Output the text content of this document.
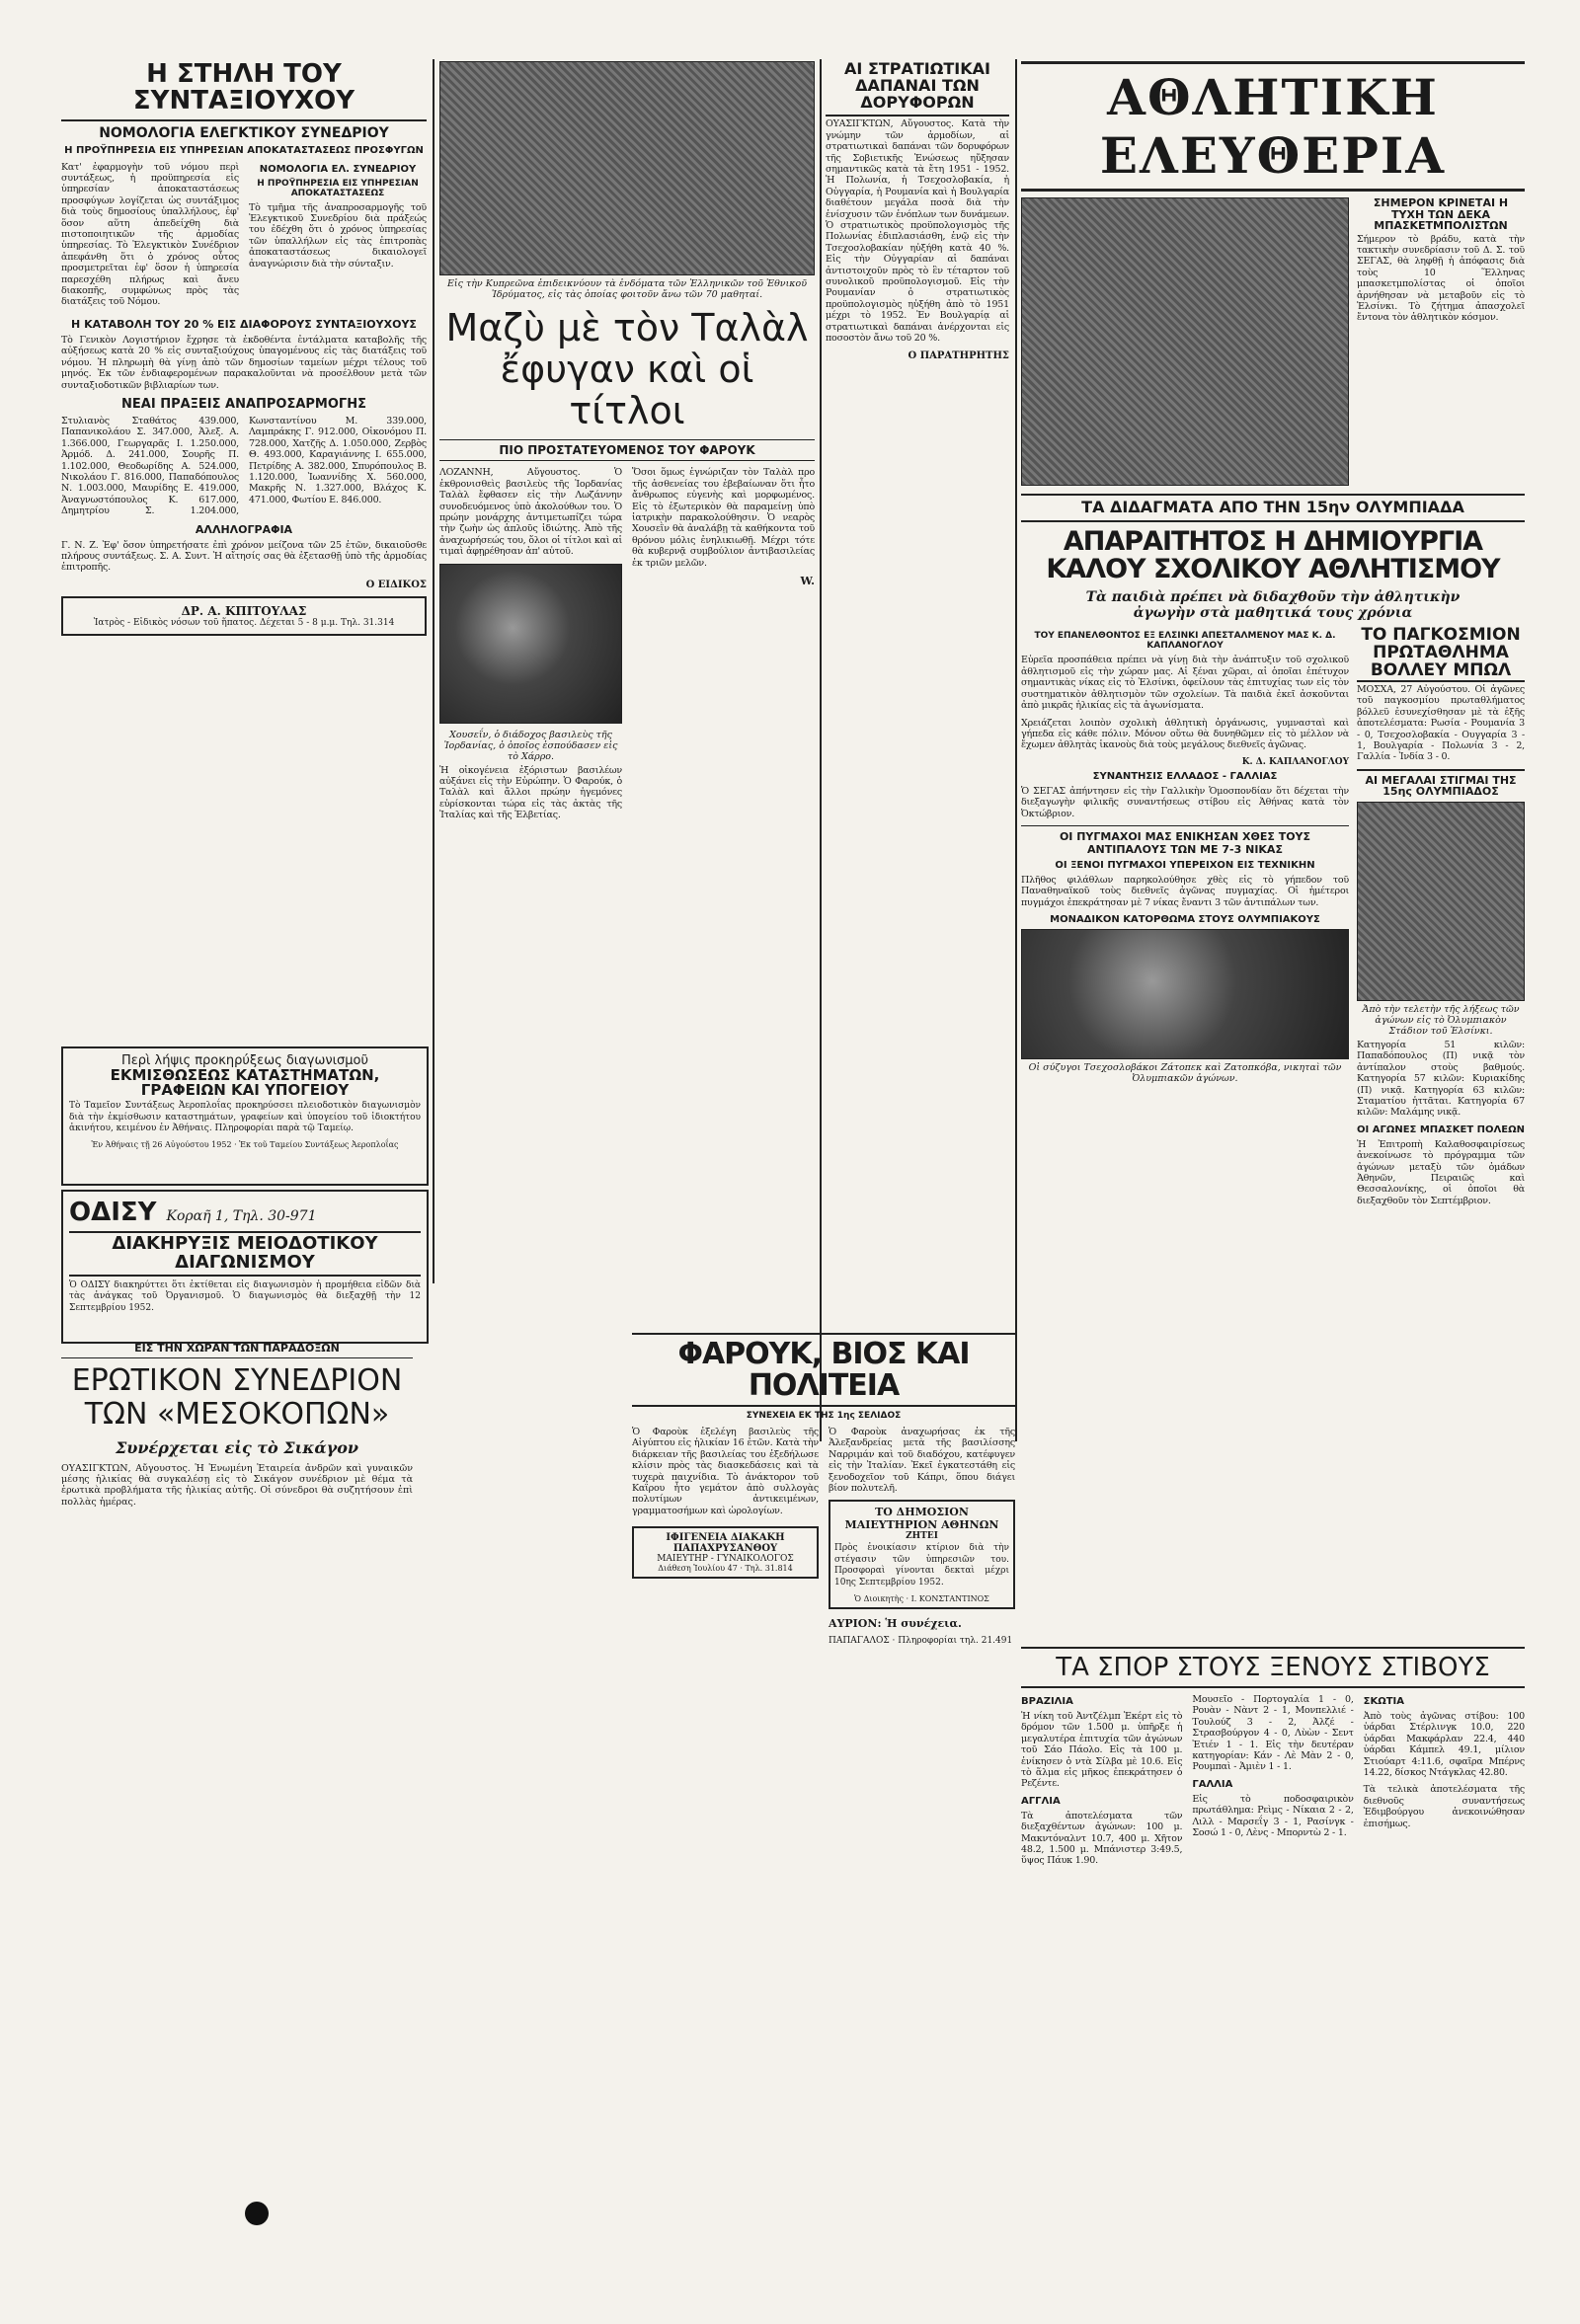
Η ΣΤΗΛΗ ΤΟΥ ΣΥΝΤΑΞΙΟΥΧΟΥ
ΝΟΜΟΛΟΓΙΑ ΕΛΕΓΚΤΙΚΟΥ ΣΥΝΕΔΡΙΟΥ
Η ΠΡΟΫΠΗΡΕΣΙΑ ΕΙΣ ΥΠΗΡΕΣΙΑΝ ΑΠΟΚΑΤΑΣΤΑΣΕΩΣ ΠΡΟΣΦΥΓΩΝ

Κατ' ἐφαρμογὴν τοῦ νόμου περὶ συντάξεως, ἡ προϋπηρεσία εἰς ὑπηρεσίαν ἀποκαταστάσεως προσφύγων λογίζεται ὡς συντάξιμος διὰ τοὺς δημοσίους ὑπαλλήλους, ἐφ' ὅσον αὕτη ἀπεδείχθη διὰ πιστοποιητικῶν τῆς ἁρμοδίας ὑπηρεσίας. Τὸ Ἐλεγκτικὸν Συνέδριον ἀπεφάνθη ὅτι ὁ χρόνος οὗτος προσμετρεῖται ἐφ' ὅσον ἡ ὑπηρεσία παρεσχέθη πλήρως καὶ ἄνευ διακοπῆς, συμφώνως πρὸς τὰς διατάξεις τοῦ Νόμου.

ΝΟΜΟΛΟΓΙΑ ΕΛ. ΣΥΝΕΔΡΙΟΥ
Η ΠΡΟΫΠΗΡΕΣΙΑ ΕΙΣ ΥΠΗΡΕΣΙΑΝ ΑΠΟΚΑΤΑΣΤΑΣΕΩΣ

Τὸ τμῆμα τῆς ἀναπροσαρμογῆς τοῦ Ἐλεγκτικοῦ Συνεδρίου διὰ πράξεώς του ἐδέχθη ὅτι ὁ χρόνος ὑπηρεσίας τῶν ὑπαλλήλων εἰς τὰς ἐπιτροπὰς ἀποκαταστάσεως δικαιολογεῖ ἀναγνώρισιν διὰ τὴν σύνταξιν.

Η ΚΑΤΑΒΟΛΗ ΤΟΥ 20 % ΕΙΣ ΔΙΑΦΟΡΟΥΣ ΣΥΝΤΑΞΙΟΥΧΟΥΣ

Τὸ Γενικὸν Λογιστήριον ἔχρησε τὰ ἐκδοθέντα ἐντάλματα καταβολῆς τῆς αὐξήσεως κατὰ 20 % εἰς συνταξιούχους ὑπαγομένους εἰς τὰς διατάξεις τοῦ νόμου. Ἡ πληρωμὴ θὰ γίνῃ ἀπὸ τῶν δημοσίων ταμείων μέχρι τέλους τοῦ μηνός. Ἐκ τῶν ἐνδιαφερομένων παρακαλοῦνται νὰ προσέλθουν μετὰ τῶν συνταξιοδοτικῶν βιβλιαρίων των.

ΝΕΑΙ ΠΡΑΞΕΙΣ ΑΝΑΠΡΟΣΑΡΜΟΓΗΣ

Στυλιανὸς Σταθάτος 439.000, Παπανικολάου Σ. 347.000, Ἀλεξ. Α. 1.366.000, Γεωργαρᾶς Ι. 1.250.000, Ἀρμόδ. Δ. 241.000, Σουρῆς Π. 1.102.000, Θεοδωρίδης Α. 524.000, Νικολάου Γ. 816.000, Παπαδόπουλος Ν. 1.003.000, Μαυρίδης Ε. 419.000, Ἀναγνωστόπουλος Κ. 617.000, Δημητρίου Σ. 1.204.000, Κωνσταντίνου Μ. 339.000, Λαμπράκης Γ. 912.000, Οἰκονόμου Π. 728.000, Χατζῆς Δ. 1.050.000, Ζερβὸς Θ. 493.000, Καραγιάννης Ι. 655.000, Πετρίδης Α. 382.000, Σπυρόπουλος Β. 1.120.000, Ἰωαννίδης Χ. 560.000, Μακρῆς Ν. 1.327.000, Βλάχος Κ. 471.000, Φωτίου Ε. 846.000.

ΑΛΛΗΛΟΓΡΑΦΙΑ

Γ. Ν. Ζ. Ἐφ' ὅσον ὑπηρετήσατε ἐπὶ χρόνον μείζονα τῶν 25 ἐτῶν, δικαιοῦσθε πλήρους συντάξεως. Σ. Α. Συντ. Ἡ αἴτησίς σας θὰ ἐξετασθῇ ὑπὸ τῆς ἁρμοδίας ἐπιτροπῆς.

Ο ΕΙΔΙΚΟΣ
ΔΡ. Α. ΚΠΙΤΟΥΛΑΣ
Ἰατρὸς - Εἰδικὸς νόσων τοῦ ἥπατος. Δέχεται 5 - 8 μ.μ. Τηλ. 31.314
Περὶ λήψις προκηρύξεως διαγωνισμοῦ
ΕΚΜΙΣΘΩΣΕΩΣ ΚΑΤΑΣΤΗΜΑΤΩΝ, ΓΡΑΦΕΙΩΝ ΚΑΙ ΥΠΟΓΕΙΟΥ

Τὸ Ταμεῖον Συντάξεως Ἀεροπλοΐας προκηρύσσει πλειοδοτικὸν διαγωνισμὸν διὰ τὴν ἐκμίσθωσιν καταστημάτων, γραφείων καὶ ὑπογείου τοῦ ἰδιοκτήτου ἀκινήτου, κειμένου ἐν Ἀθήναις. Πληροφορίαι παρὰ τῷ Ταμείῳ.

Ἐν Ἀθήναις τῇ 26 Αὐγούστου 1952 · Ἐκ τοῦ Ταμείου Συντάξεως Ἀεροπλοΐας
ΟΔΙΣΥ Κοραῆ 1, Τηλ. 30-971
ΔΙΑΚΗΡΥΞΙΣ ΜΕΙΟΔΟΤΙΚΟΥ ΔΙΑΓΩΝΙΣΜΟΥ

Ὁ ΟΔΙΣΥ διακηρύττει ὅτι ἐκτίθεται εἰς διαγωνισμὸν ἡ προμήθεια εἰδῶν διὰ τὰς ἀνάγκας τοῦ Ὀργανισμοῦ. Ὁ διαγωνισμὸς θὰ διεξαχθῇ τὴν 12 Σεπτεμβρίου 1952.

ΕΙΣ ΤΗΝ ΧΩΡΑΝ ΤΩΝ ΠΑΡΑΔΟΞΩΝ
ΕΡΩΤΙΚΟΝ ΣΥΝΕΔΡΙΟΝ ΤΩΝ «ΜΕΣΟΚΟΠΩΝ»
Συνέρχεται εἰς τὸ Σικάγον

ΟΥΑΣΙΓΚΤΩΝ, Αὔγουστος. Ἡ Ἑνωμένη Ἐταιρεία ἀνδρῶν καὶ γυναικῶν μέσης ἡλικίας θὰ συγκαλέσῃ εἰς τὸ Σικάγον συνέδριον μὲ θέμα τὰ ἐρωτικὰ προβλήματα τῆς ἡλικίας αὐτῆς. Οἱ σύνεδροι θὰ συζητήσουν ἐπὶ πολλὰς ἡμέρας.

Εἰς τὴν Κυπρεῶνα ἐπιδεικνύουν τὰ ἐνδόματα τῶν Ἑλληνικῶν τοῦ Ἐθνικοῦ Ἰδρύματος, εἰς τὰς ὁποίας φοιτοῦν ἄνω τῶν 70 μαθηταί.
Μαζὺ μὲ τὸν Ταλὰλ ἔφυγαν καὶ οἱ τίτλοι
ΠΙΟ ΠΡΟΣΤΑΤΕΥΟΜΕΝΟΣ ΤΟΥ ΦΑΡΟΥΚ

ΛΟΖΑΝΝΗ, Αὔγουστος. Ὁ ἐκθρονισθεὶς βασιλεὺς τῆς Ἰορδανίας Ταλὰλ ἔφθασεν εἰς τὴν Λωζάννην συνοδευόμενος ὑπὸ ἀκολούθων του. Ὁ πρώην μονάρχης ἀντιμετωπίζει τώρα τὴν ζωὴν ὡς ἁπλοῦς ἰδιώτης. Ἀπὸ τῆς ἀναχωρήσεώς του, ὅλοι οἱ τίτλοι καὶ αἱ τιμαὶ ἀφῃρέθησαν ἀπ' αὐτοῦ.

Χουσεΐν, ὁ διάδοχος βασιλεὺς τῆς Ἰορδανίας, ὁ ὁποῖος ἐσπούδασεν εἰς τὸ Χάρρο.

Ἡ οἰκογένεια ἐξόριστων βασιλέων αὐξάνει εἰς τὴν Εὐρώπην. Ὁ Φαρούκ, ὁ Ταλὰλ καὶ ἄλλοι πρώην ἡγεμόνες εὑρίσκονται τώρα εἰς τὰς ἀκτὰς τῆς Ἰταλίας καὶ τῆς Ἑλβετίας.

Ὅσοι ὅμως ἐγνώριζαν τὸν Ταλὰλ προ τῆς ἀσθενείας του ἐβεβαίωναν ὅτι ἦτο ἄνθρωπος εὐγενὴς καὶ μορφωμένος. Εἰς τὸ ἐξωτερικὸν θὰ παραμείνῃ ὑπὸ ἰατρικὴν παρακολούθησιν. Ὁ νεαρὸς Χουσεῒν θὰ ἀναλάβῃ τὰ καθήκοντα τοῦ θρόνου μόλις ἐνηλικιωθῇ. Μέχρι τότε θὰ κυβερνᾷ συμβούλιον ἀντιβασιλείας ἐκ τριῶν μελῶν.

W.
ΑΙ ΣΤΡΑΤΙΩΤΙΚΑΙ ΔΑΠΑΝΑΙ ΤΩΝ ΔΟΡΥΦΟΡΩΝ

ΟΥΑΣΙΓΚΤΩΝ, Αὔγουστος. Κατὰ τὴν γνώμην τῶν ἁρμοδίων, αἱ στρατιωτικαὶ δαπάναι τῶν δορυφόρων τῆς Σοβιετικῆς Ἑνώσεως ηὔξησαν σημαντικῶς κατὰ τὰ ἔτη 1951 - 1952. Ἡ Πολωνία, ἡ Τσεχοσλοβακία, ἡ Οὐγγαρία, ἡ Ρουμανία καὶ ἡ Βουλγαρία διαθέτουν μεγάλα ποσὰ διὰ τὴν ἐνίσχυσιν τῶν ἐνόπλων των δυνάμεων. Ὁ στρατιωτικὸς προϋπολογισμὸς τῆς Πολωνίας ἐδιπλασιάσθη, ἐνῷ εἰς τὴν Τσεχοσλοβακίαν ηὐξήθη κατὰ 40 %. Εἰς τὴν Οὐγγαρίαν αἱ δαπάναι ἀντιστοιχοῦν πρὸς τὸ ἓν τέταρτον τοῦ συνολικοῦ προϋπολογισμοῦ. Εἰς τὴν Ρουμανίαν ὁ στρατιωτικὸς προϋπολογισμὸς ηὐξήθη ἀπὸ τὸ 1951 μέχρι τὸ 1952. Ἐν Βουλγαρίᾳ αἱ στρατιωτικαὶ δαπάναι ἀνέρχονται εἰς ποσοστὸν ἄνω τοῦ 20 %.

Ο ΠΑΡΑΤΗΡΗΤΗΣ
ΦΑΡΟΥΚ, ΒΙΟΣ ΚΑΙ ΠΟΛΙΤΕΙΑ
ΣΥΝΕΧΕΙΑ ΕΚ ΤΗΣ 1ης ΣΕΛΙΔΟΣ

Ὁ Φαροὺκ ἐξελέγη βασιλεὺς τῆς Αἰγύπτου εἰς ἡλικίαν 16 ἐτῶν. Κατὰ τὴν διάρκειαν τῆς βασιλείας του ἐξεδήλωσε κλίσιν πρὸς τὰς διασκεδάσεις καὶ τὰ τυχερὰ παιχνίδια. Τὸ ἀνάκτορον τοῦ Καΐρου ἦτο γεμάτον ἀπὸ συλλογὰς πολυτίμων ἀντικειμένων, γραμματοσήμων καὶ ὡρολογίων.

ΙΦΙΓΕΝΕΙΑ ΔΙΑΚΑΚΗ ΠΑΠΑΧΡΥΣΑΝΘΟΥ
ΜΑΙΕΥΤΗΡ - ΓΥΝΑΙΚΟΛΟΓΟΣ
Διάθεση Ἰουλίου 47 · Τηλ. 31.814

Ὁ Φαροὺκ ἀναχωρήσας ἐκ τῆς Ἀλεξανδρείας μετὰ τῆς βασιλίσσης Ναρριμάν καὶ τοῦ διαδόχου, κατέφυγεν εἰς τὴν Ἰταλίαν. Ἐκεῖ ἐγκατεστάθη εἰς ξενοδοχεῖον τοῦ Κάπρι, ὅπου διάγει βίον πολυτελῆ.

ΤΟ ΔΗΜΟΣΙΟΝ ΜΑΙΕΥΤΗΡΙΟΝ ΑΘΗΝΩΝ
ΖΗΤΕΙ

Πρὸς ἐνοικίασιν κτίριον διὰ τὴν στέγασιν τῶν ὑπηρεσιῶν του. Προσφοραὶ γίνονται δεκταὶ μέχρι 10ης Σεπτεμβρίου 1952.

Ὁ Διοικητὴς · Ι. ΚΟΝΣΤΑΝΤΙΝΟΣ
ΑΥΡΙΟΝ: Ἡ συνέχεια.
ΠΑΠΑΓΑΛΟΣ · Πληροφορίαι τηλ. 21.491
ΑΘΛΗΤΙΚΗ ΕΛΕΥΘΕΡΙΑ
ΣΗΜΕΡΟΝ ΚΡΙΝΕΤΑΙ Η ΤΥΧΗ ΤΩΝ ΔΕΚΑ ΜΠΑΣΚΕΤΜΠΟΛΙΣΤΩΝ

Σήμερον τὸ βράδυ, κατὰ τὴν τακτικὴν συνεδρίασιν τοῦ Δ. Σ. τοῦ ΣΕΓΑΣ, θὰ ληφθῇ ἡ ἀπόφασις διὰ τοὺς 10 Ἕλληνας μπασκετμπολίστας οἱ ὁποῖοι ἀρνήθησαν νὰ μεταβοῦν εἰς τὸ Ἑλσίνκι. Τὸ ζήτημα ἀπασχολεῖ ἔντονα τὸν ἀθλητικὸν κόσμον.

ΤΑ ΔΙΔΑΓΜΑΤΑ ΑΠΟ ΤΗΝ 15ην ΟΛΥΜΠΙΑΔΑ
ΑΠΑΡΑΙΤΗΤΟΣ Η ΔΗΜΙΟΥΡΓΙΑ ΚΑΛΟΥ ΣΧΟΛΙΚΟΥ ΑΘΛΗΤΙΣΜΟΥ
Τὰ παιδιὰ πρέπει νὰ διδαχθοῦν τὴν ἀθλητικὴν ἀγωγὴν στὰ μαθητικά τους χρόνια
ΤΟΥ ΕΠΑΝΕΛΘΟΝΤΟΣ ΕΞ ΕΛΣΙΝΚΙ ΑΠΕΣΤΑΛΜΕΝΟΥ ΜΑΣ Κ. Δ. ΚΑΠΛΑΝΟΓΛΟΥ

Εὐρεῖα προσπάθεια πρέπει νὰ γίνῃ διὰ τὴν ἀνάπτυξιν τοῦ σχολικοῦ ἀθλητισμοῦ εἰς τὴν χώραν μας. Αἱ ξέναι χῶραι, αἱ ὁποῖαι ἐπέτυχον σημαντικὰς νίκας εἰς τὸ Ἑλσίνκι, ὀφείλουν τὰς ἐπιτυχίας των εἰς τὸν συστηματικὸν ἀθλητισμὸν τῶν σχολείων. Τὰ παιδιὰ ἐκεῖ ἀσκοῦνται ἀπὸ μικρᾶς ἡλικίας εἰς τὰ ἀγωνίσματα.

Χρειάζεται λοιπὸν σχολικὴ ἀθλητικὴ ὀργάνωσις, γυμνασταὶ καὶ γήπεδα εἰς κάθε πόλιν. Μόνον οὕτω θὰ δυνηθῶμεν εἰς τὸ μέλλον νὰ ἔχωμεν ἀθλητὰς ἱκανοὺς διὰ τοὺς μεγάλους διεθνεῖς ἀγῶνας.

Κ. Δ. ΚΑΠΛΑΝΟΓΛΟΥ
ΣΥΝΑΝΤΗΣΙΣ ΕΛΛΑΔΟΣ - ΓΑΛΛΙΑΣ

Ὁ ΣΕΓΑΣ ἀπήντησεν εἰς τὴν Γαλλικὴν Ὁμοσπονδίαν ὅτι δέχεται τὴν διεξαγωγὴν φιλικῆς συναντήσεως στίβου εἰς Ἀθήνας κατὰ τὸν Ὀκτώβριον.

ΟΙ ΠΥΓΜΑΧΟΙ ΜΑΣ ΕΝΙΚΗΣΑΝ ΧΘΕΣ ΤΟΥΣ ΑΝΤΙΠΑΛΟΥΣ ΤΩΝ ΜΕ 7-3 ΝΙΚΑΣ
ΟΙ ΞΕΝΟΙ ΠΥΓΜΑΧΟΙ ΥΠΕΡΕΙΧΟΝ ΕΙΣ ΤΕΧΝΙΚΗΝ

Πλῆθος φιλάθλων παρηκολούθησε χθὲς εἰς τὸ γήπεδον τοῦ Παναθηναϊκοῦ τοὺς διεθνεῖς ἀγῶνας πυγμαχίας. Οἱ ἡμέτεροι πυγμάχοι ἐπεκράτησαν μὲ 7 νίκας ἔναντι 3 τῶν ἀντιπάλων των.

ΜΟΝΑΔΙΚΟΝ ΚΑΤΟΡΘΩΜΑ ΣΤΟΥΣ ΟΛΥΜΠΙΑΚΟΥΣ
Οἱ σύζυγοι Τσεχοσλοβάκοι Ζάτοπεκ καὶ Ζατοπκόβα, νικηταὶ τῶν Ὀλυμπιακῶν ἀγώνων.
ΤΟ ΠΑΓΚΟΣΜΙΟΝ ΠΡΩΤΑΘΛΗΜΑ ΒΟΛΛΕΥ ΜΠΩΛ

ΜΟΣΧΑ, 27 Αὐγούστου. Οἱ ἀγῶνες τοῦ παγκοσμίου πρωταθλήματος βόλλεϋ ἐσυνεχίσθησαν μὲ τὰ ἑξῆς ἀποτελέσματα: Ρωσία - Ρουμανία 3 - 0, Τσεχοσλοβακία - Ουγγαρία 3 - 1, Βουλγαρία - Πολωνία 3 - 2, Γαλλία - Ἰνδία 3 - 0.

ΑΙ ΜΕΓΑΛΑΙ ΣΤΙΓΜΑΙ ΤΗΣ 15ης ΟΛΥΜΠΙΑΔΟΣ
Ἀπὸ τὴν τελετὴν τῆς λήξεως τῶν ἀγώνων εἰς τὸ Ὀλυμπιακὸν Στάδιον τοῦ Ἑλσίνκι.

Κατηγορία 51 κιλῶν: Παπαδόπουλος (Π) νικᾷ τὸν ἀντίπαλον στοὺς βαθμούς. Κατηγορία 57 κιλῶν: Κυριακίδης (Π) νικᾷ. Κατηγορία 63 κιλῶν: Σταματίου ἡττᾶται. Κατηγορία 67 κιλῶν: Μαλάμης νικᾷ.

ΟΙ ΑΓΩΝΕΣ ΜΠΑΣΚΕΤ ΠΟΛΕΩΝ

Ἡ Ἐπιτροπὴ Καλαθοσφαιρίσεως ἀνεκοίνωσε τὸ πρόγραμμα τῶν ἀγώνων μεταξὺ τῶν ὁμάδων Ἀθηνῶν, Πειραιῶς καὶ Θεσσαλονίκης, οἱ ὁποῖοι θὰ διεξαχθοῦν τὸν Σεπτέμβριον.

ΤΑ ΣΠΟΡ ΣΤΟΥΣ ΞΕΝΟΥΣ ΣΤΙΒΟΥΣ
ΒΡΑΖΙΛΙΑ

Ἡ νίκη τοῦ Ἀντζέλμπ Ἐκέρτ εἰς τὸ δρόμον τῶν 1.500 μ. ὑπῆρξε ἡ μεγαλυτέρα ἐπιτυχία τῶν ἀγώνων τοῦ Σάο Πάολο. Εἰς τὰ 100 μ. ἐνίκησεν ὁ ντὰ Σίλβα μὲ 10.6. Εἰς τὸ ἅλμα εἰς μῆκος ἐπεκράτησεν ὁ Ρεζέντε.

ΑΓΓΛΙΑ

Τὰ ἀποτελέσματα τῶν διεξαχθέντων ἀγώνων: 100 μ. Μακντόναλντ 10.7, 400 μ. Χῆτον 48.2, 1.500 μ. Μπάνιστερ 3:49.5, ὕψος Πάυκ 1.90.

Μουσεῖο - Πορτογαλία 1 - 0, Ρουὰν - Νὰντ 2 - 1, Μονπελλιέ - Τουλούζ 3 - 2, Ἀλζέ - Στρασβούργον 4 - 0, Λὺὼν - Σεντ Ἐτιέν 1 - 1. Εἰς τὴν δευτέραν κατηγορίαν: Κάν - Λὲ Μὰν 2 - 0, Ρουμπαὶ - Ἀμιὲν 1 - 1.

ΓΑΛΛΙΑ

Εἰς τὸ ποδοσφαιρικὸν πρωτάθλημα: Ρεὶμς - Νίκαια 2 - 2, Λιλλ - Μαρσεΐγ 3 - 1, Ρασίνγκ - Σοσώ 1 - 0, Λὲνς - Μπορντὼ 2 - 1.

ΣΚΩΤΙΑ

Ἀπὸ τοὺς ἀγῶνας στίβου: 100 ὑάρδαι Στέρλινγκ 10.0, 220 ὑάρδαι Μακφάρλαν 22.4, 440 ὑάρδαι Κάμπελ 49.1, μίλιον Στιούαρτ 4:11.6, σφαῖρα Μπέρνς 14.22, δίσκος Ντάγκλας 42.80.

Τὰ τελικὰ ἀποτελέσματα τῆς διεθνοῦς συναντήσεως Ἐδιμβούργου ἀνεκοινώθησαν ἐπισήμως.
